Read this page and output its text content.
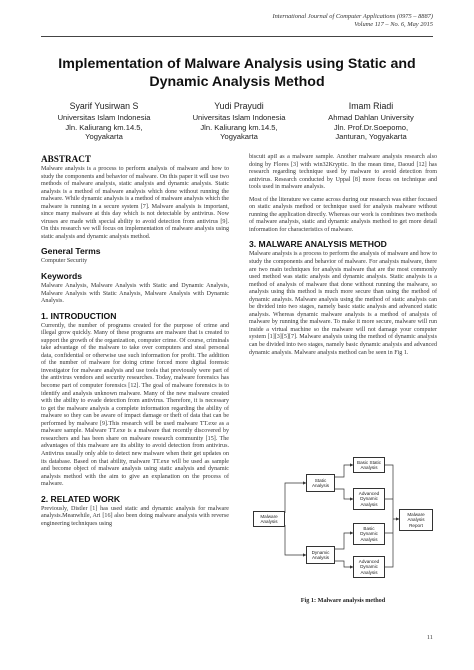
International Journal of Computer Applications (0975 – 8887)
Volume 117 – No. 6, May 2015
Implementation of Malware Analysis using Static and
Dynamic Analysis Method
Syarif Yusirwan S
Universitas Islam Indonesia
Jln. Kaliurang km.14.5,
Yogyakarta
Yudi Prayudi
Universitas Islam Indonesia
Jln. Kaliurang km.14.5,
Yogyakarta
Imam Riadi
Ahmad Dahlan University
Jln. Prof.Dr.Soepomo,
Janturan, Yogyakarta
ABSTRACT

Malware analysis is a process to perform analysis of malware and how to study the components and behavior of malware. On this paper it will use two methods of malware analysis, static analysis and dynamic analysis. Static analysis is a method of malware analysis which done without running the malware. While dynamic analysis is a method of malware analysis which the malware is running in a secure system [7]. Malware analysis is important, since many malware at this day which is not detectable by antivirus. Now viruses are made with special ability to avoid detection from antivirus [9]. On this research we will focus on implementation of malware analysis using static analysis and dynamic analysis method.

General Terms

Computer Security

Keywords

Malware Analysis, Malware Analysis with Static and Dynamic Analysis, Malware Analysis with Static Analysis, Malware Analysis with Dynamic Analysis.

1. INTRODUCTION

Currently, the number of programs created for the purpose of crime and illegal grow quickly. Many of these programs are malware that is created to support the growth of the organization, computer crime. Of course, criminals take advantage of the malware to take over computers and steal personal data, confidential or otherwise use such information for profit. The addition of the number of malware for doing crime forced more digital forensic investigator for malware analysis and use tools that previously were part of the antivirus vendors and security researches. Today, malware forensics has become part of computer forensics [12]. The goal of malware forensics is to identify and analysis unknown malware. Many of the new malware created with the ability to evade detection from antivirus. Therefore, it is necessary to get the malware analysis a complete information regarding the ability of malware so they can be aware of impact damage or theft of data that can be performed by malware [9].This research will be used malware TT.exe as a malware sample. Malware TT.exe is a malware that recently discovered by researchers and has been share on malware research community [15]. The advantages of this malware are its ability to avoid detection from antivirus. Antivirus usually only able to detect new malware when their get updates on its database. Based on that ability, malware TT.exe will be used as sample and become object of malware analysis using static analysis and dynamic analysis method with the aim to give an explanation on the process of malware.

2. RELATED WORK

Previously, Distler [1] has used static and dynamic analysis for malware analysis.Meanwhile, Ari [16] also been doing malware analysis with reverse engineering techniques using

biscuit apiI as a malware sample. Another malware analysis research also doing by Flores [3] with win32Kryptic. In the mean time, Daoud [12] has research regarding technique used by malware to avoid detection from antivirus. Research conducted by Uppal [8] more focus on technique and tools used in malware analysis.

Most of the literature we came across during our research was either focused on static analysis method or technique used for analysis malware without running the application directly. Whereas our work is combines two methods of malware analysis, static and dynamic analysis method to get more detail information for characteristics of malware.

3. MALWARE ANALYSIS METHOD

Malware analysis is a process to perform the analysis of malware and how to study the components and behavior of malware. For analysis malware, there are two main techniques for analysis malware that are the most commonly used method was static analysis and dynamic analysis. Static analysis is a method of analysis of malware that done without running the malware, so analysis using this method is much more secure than using the method of dynamic analysis. Malware analysis using the method of static analysis can be divided into two stages, namely basic static analysis and advanced static analysis. Whereas dynamic malware analysis is a method of analysis of malware by running the malware. To make it more secure, malware will run inside a virtual machine so the malware will not damage your computer system [1][3][5][7]. Malware analysis using the method of dynamic analysis can be divided into two stages, namely basic dynamic analysis and advanced dynamic analysis. Malware analysis method can be seen in Fig 1.

Basic Static Analysis
Static Analysis
Advanced Dynamic Analysis
Malware Analysis
Basic Dynamic Analysis
Malware Analysis Report
Dynamic Analysis
Advanced Dynamic Analysis
Fig 1: Malware analysis method
11
